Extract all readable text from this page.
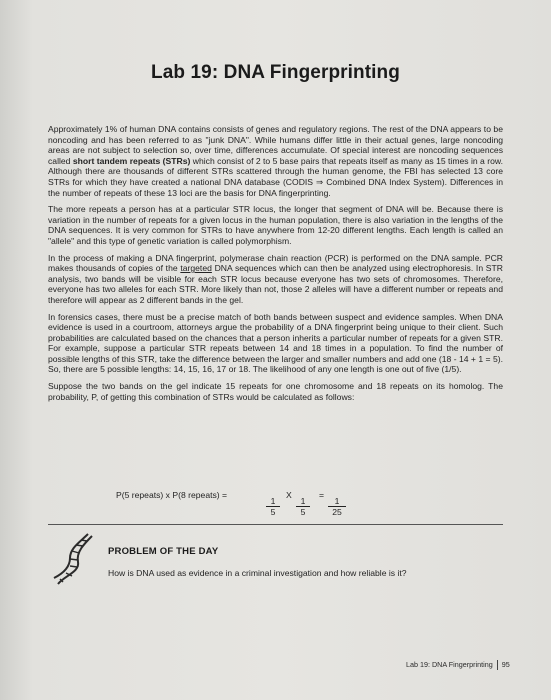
Lab 19: DNA Fingerprinting

Approximately 1% of human DNA contains consists of genes and regulatory regions. The rest of the DNA appears to be noncoding and has been referred to as "junk DNA". While humans differ little in their actual genes, large noncoding areas are not subject to selection so, over time, differences accumulate. Of special interest are noncoding sequences called short tandem repeats (STRs) which consist of 2 to 5 base pairs that repeats itself as many as 15 times in a row. Although there are thousands of different STRs scattered through the human genome, the FBI has selected 13 core STRs for which they have created a national DNA database (CODIS ⇒ Combined DNA Index System). Differences in the number of repeats of these 13 loci are the basis for DNA fingerprinting.

The more repeats a person has at a particular STR locus, the longer that segment of DNA will be. Because there is variation in the number of repeats for a given locus in the human population, there is also variation in the lengths of the DNA sequences. It is very common for STRs to have anywhere from 12-20 different lengths. Each length is called an "allele" and this type of genetic variation is called polymorphism.

In the process of making a DNA fingerprint, polymerase chain reaction (PCR) is performed on the DNA sample. PCR makes thousands of copies of the targeted DNA sequences which can then be analyzed using electrophoresis. In STR analysis, two bands will be visible for each STR locus because everyone has two sets of chromosomes. Therefore, everyone has two alleles for each STR. More likely than not, those 2 alleles will have a different number or repeats and therefore will appear as 2 different bands in the gel.

In forensics cases, there must be a precise match of both bands between suspect and evidence samples. When DNA evidence is used in a courtroom, attorneys argue the probability of a DNA fingerprint being unique to their client. Such probabilities are calculated based on the chances that a person inherits a particular number of repeats for a given STR. For example, suppose a particular STR repeats between 14 and 18 times in a population. To find the number of possible lengths of this STR, take the difference between the larger and smaller numbers and add one (18 - 14 + 1 = 5). So, there are 5 possible lengths: 14, 15, 16, 17 or 18. The likelihood of any one length is one out of five (1/5).

Suppose the two bands on the gel indicate 15 repeats for one chromosome and 18 repeats on its homolog. The probability, P, of getting this combination of STRs would be calculated as follows:

P(5 repeats) x P(8 repeats) =
$\frac{1}{5}$
X
$\frac{1}{5}$
=
$\frac{1}{25}$
PROBLEM OF THE DAY
How is DNA used as evidence in a criminal investigation and how reliable is it?
Lab 19: DNA Fingerprinting 95
